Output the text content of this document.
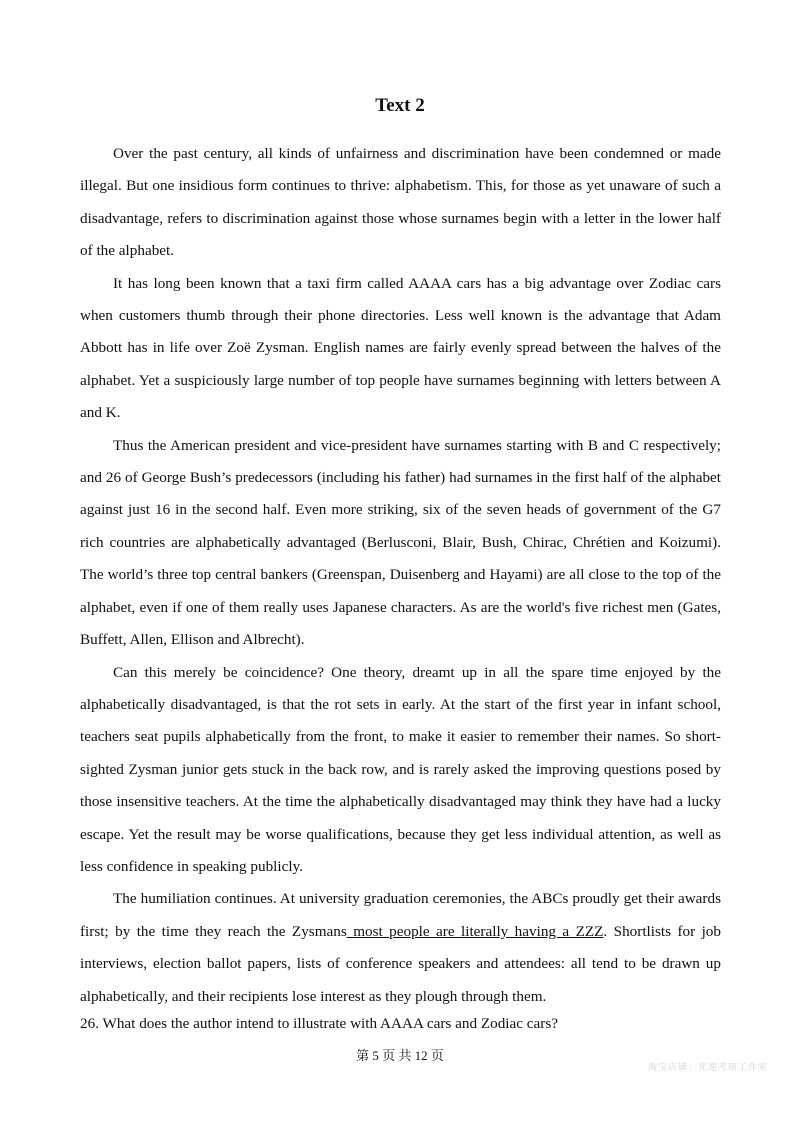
Text 2

Over the past century, all kinds of unfairness and discrimination have been condemned or made illegal. But one insidious form continues to thrive: alphabetism. This, for those as yet unaware of such a disadvantage, refers to discrimination against those whose surnames begin with a letter in the lower half of the alphabet.

It has long been known that a taxi firm called AAAA cars has a big advantage over Zodiac cars when customers thumb through their phone directories. Less well known is the advantage that Adam Abbott has in life over Zoë Zysman. English names are fairly evenly spread between the halves of the alphabet. Yet a suspiciously large number of top people have surnames beginning with letters between A and K.

Thus the American president and vice-president have surnames starting with B and C respectively; and 26 of George Bush’s predecessors (including his father) had surnames in the first half of the alphabet against just 16 in the second half. Even more striking, six of the seven heads of government of the G7 rich countries are alphabetically advantaged (Berlusconi, Blair, Bush, Chirac, Chrétien and Koizumi). The world’s three top central bankers (Greenspan, Duisenberg and Hayami) are all close to the top of the alphabet, even if one of them really uses Japanese characters. As are the world's five richest men (Gates, Buffett, Allen, Ellison and Albrecht).

Can this merely be coincidence? One theory, dreamt up in all the spare time enjoyed by the alphabetically disadvantaged, is that the rot sets in early. At the start of the first year in infant school, teachers seat pupils alphabetically from the front, to make it easier to remember their names. So short-sighted Zysman junior gets stuck in the back row, and is rarely asked the improving questions posed by those insensitive teachers. At the time the alphabetically disadvantaged may think they have had a lucky escape. Yet the result may be worse qualifications, because they get less individual attention, as well as less confidence in speaking publicly.

The humiliation continues. At university graduation ceremonies, the ABCs proudly get their awards first; by the time they reach the Zysmans most people are literally having a ZZZ. Shortlists for job interviews, election ballot papers, lists of conference speakers and attendees: all tend to be drawn up alphabetically, and their recipients lose interest as they plough through them.

26. What does the author intend to illustrate with AAAA cars and Zodiac cars?
第 5 页 共 12 页
淘宝店铺：光速考研工作室
